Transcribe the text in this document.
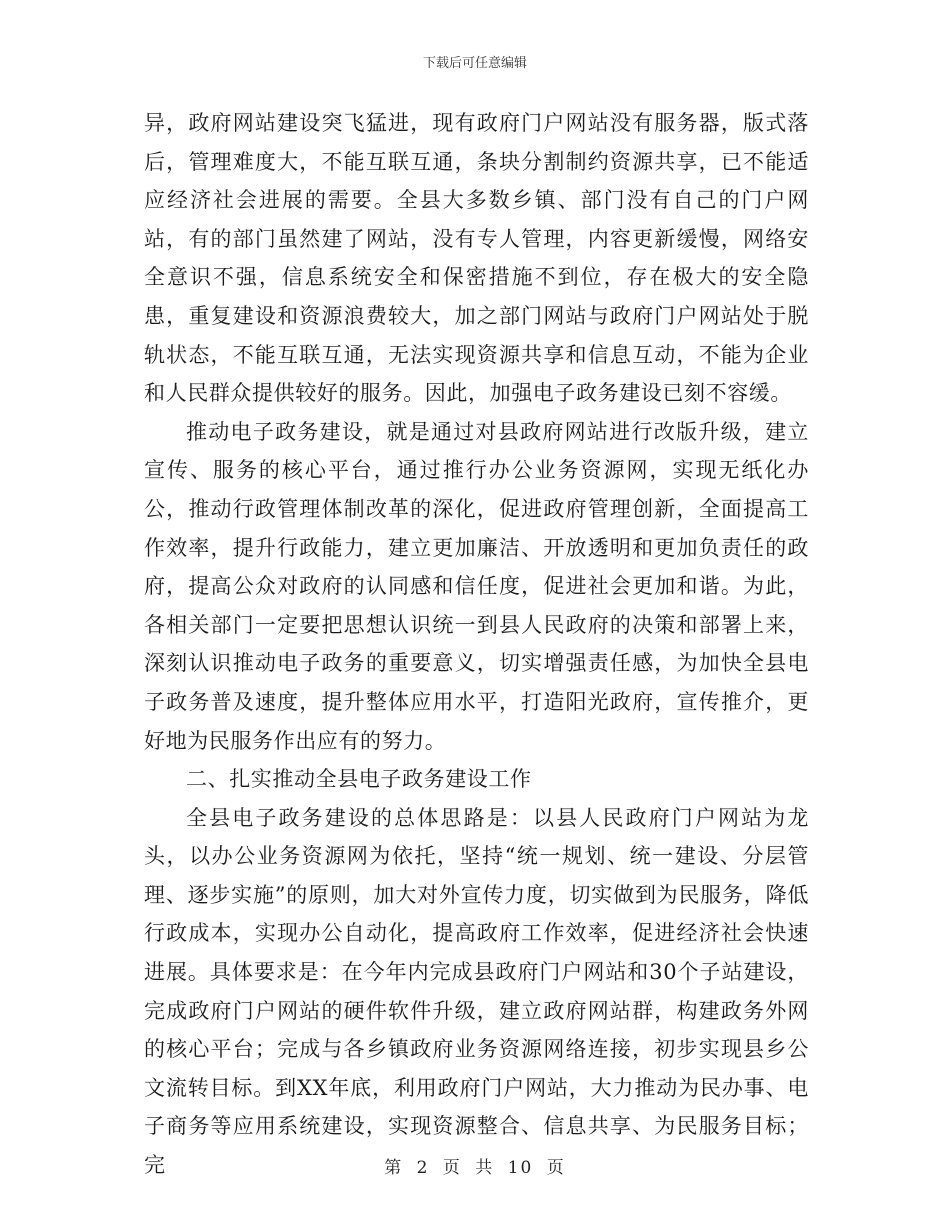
下载后可任意编辑

异，政府网站建设突飞猛进，现有政府门户网站没有服务器，版式落后，管理难度大，不能互联互通，条块分割制约资源共享，已不能适应经济社会进展的需要。全县大多数乡镇、部门没有自己的门户网站，有的部门虽然建了网站，没有专人管理，内容更新缓慢，网络安全意识不强，信息系统安全和保密措施不到位，存在极大的安全隐患，重复建设和资源浪费较大，加之部门网站与政府门户网站处于脱轨状态，不能互联互通，无法实现资源共享和信息互动，不能为企业和人民群众提供较好的服务。因此，加强电子政务建设已刻不容缓。

推动电子政务建设，就是通过对县政府网站进行改版升级，建立宣传、服务的核心平台，通过推行办公业务资源网，实现无纸化办公，推动行政管理体制改革的深化，促进政府管理创新，全面提高工作效率，提升行政能力，建立更加廉洁、开放透明和更加负责任的政府，提高公众对政府的认同感和信任度，促进社会更加和谐。为此，各相关部门一定要把思想认识统一到县人民政府的决策和部署上来，深刻认识推动电子政务的重要意义，切实增强责任感，为加快全县电子政务普及速度，提升整体应用水平，打造阳光政府，宣传推介，更好地为民服务作出应有的努力。

二、扎实推动全县电子政务建设工作

全县电子政务建设的总体思路是：以县人民政府门户网站为龙头，以办公业务资源网为依托，坚持“统一规划、统一建设、分层管理、逐步实施”的原则，加大对外宣传力度，切实做到为民服务，降低行政成本，实现办公自动化，提高政府工作效率，促进经济社会快速进展。具体要求是：在今年内完成县政府门户网站和30个子站建设，完成政府门户网站的硬件软件升级，建立政府网站群，构建政务外网的核心平台；完成与各乡镇政府业务资源网络连接，初步实现县乡公文流转目标。到XX年底，利用政府门户网站，大力推动为民办事、电子商务等应用系统建设，实现资源整合、信息共享、为民服务目标；完	第 2 页 共 10 页
